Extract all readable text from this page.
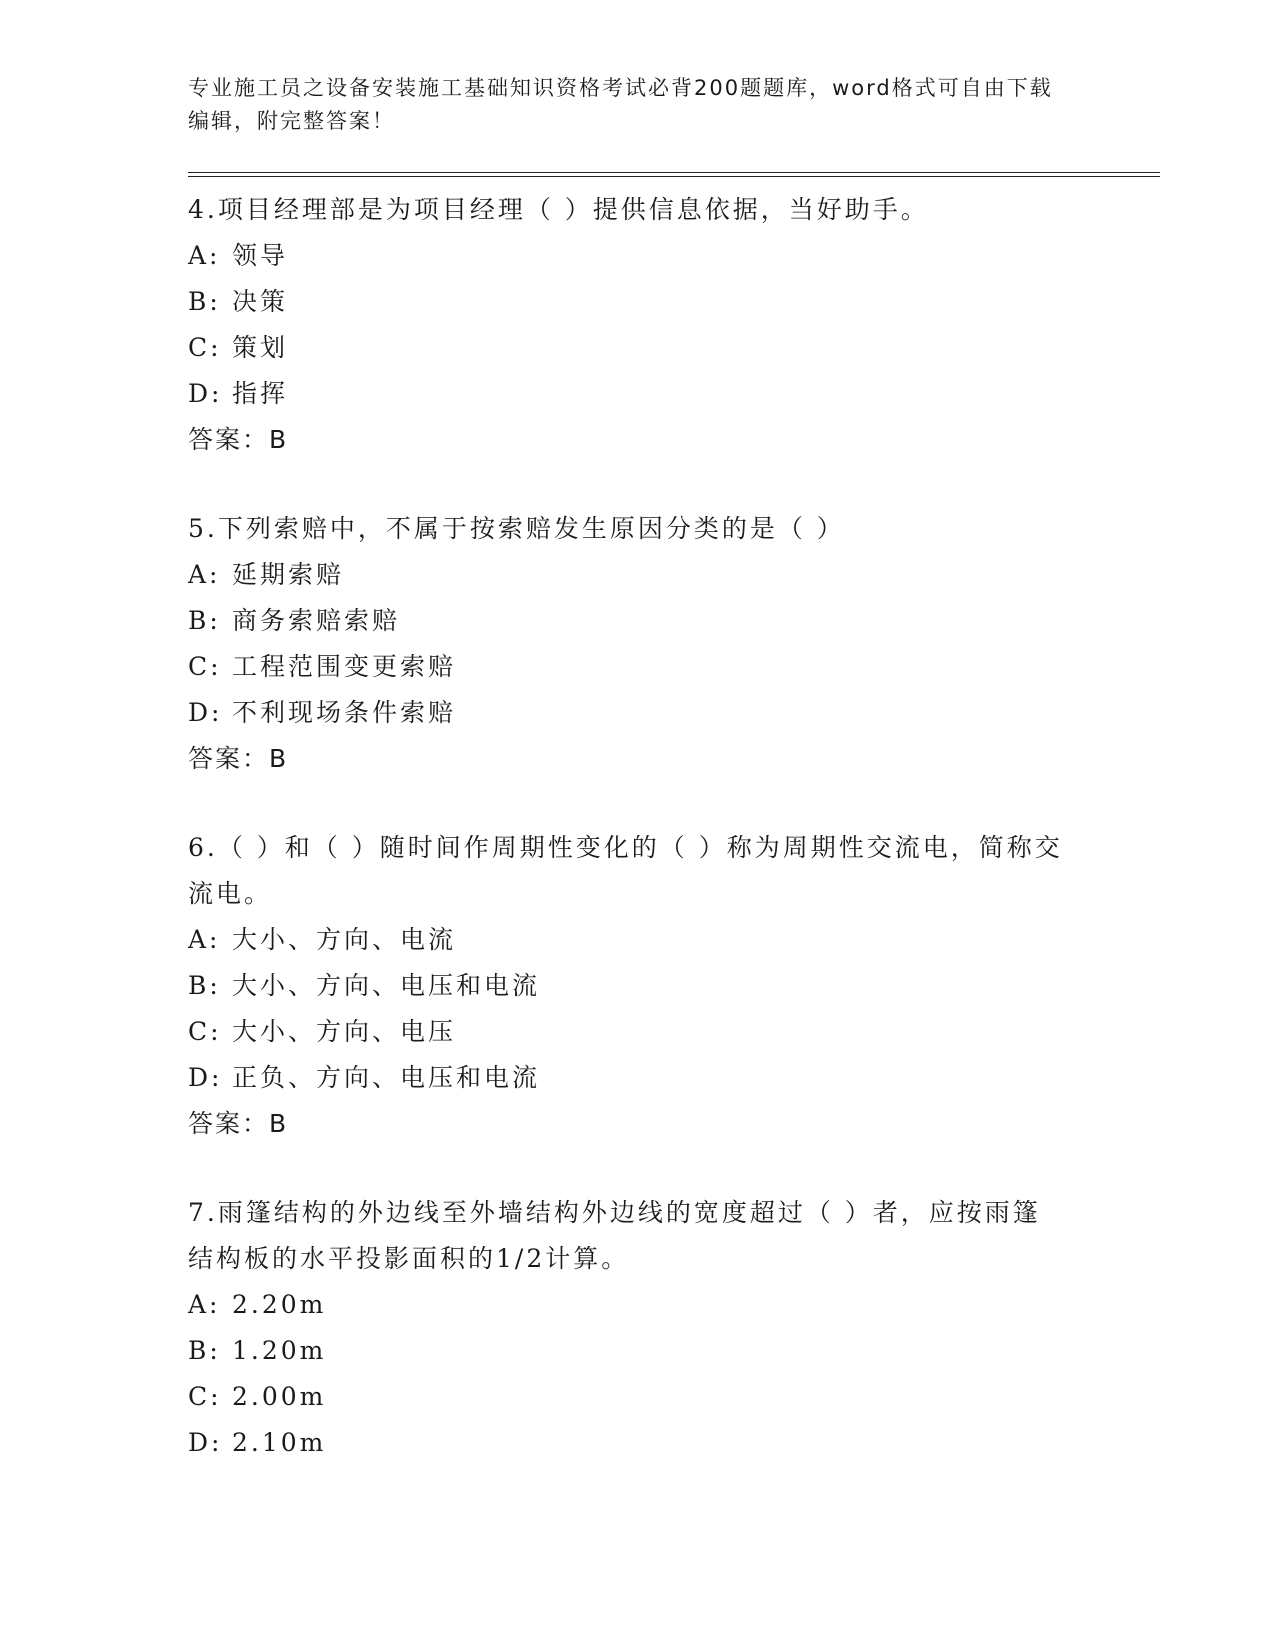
专业施工员之设备安装施工基础知识资格考试必背200题题库，word格式可自由下载编辑，附完整答案！

4.项目经理部是为项目经理（ ）提供信息依据，当好助手。

A: 领导

B: 决策

C: 策划

D: 指挥

答案：B

5.下列索赔中，不属于按索赔发生原因分类的是（ ）

A: 延期索赔

B: 商务索赔索赔

C: 工程范围变更索赔

D: 不利现场条件索赔

答案：B

6.（ ）和（ ）随时间作周期性变化的（ ）称为周期性交流电，简称交流电。

A: 大小、方向、电流

B: 大小、方向、电压和电流

C: 大小、方向、电压

D: 正负、方向、电压和电流

答案：B

7.雨篷结构的外边线至外墙结构外边线的宽度超过（ ）者，应按雨篷结构板的水平投影面积的1/2计算。

A: 2.20m

B: 1.20m

C: 2.00m

D: 2.10m
